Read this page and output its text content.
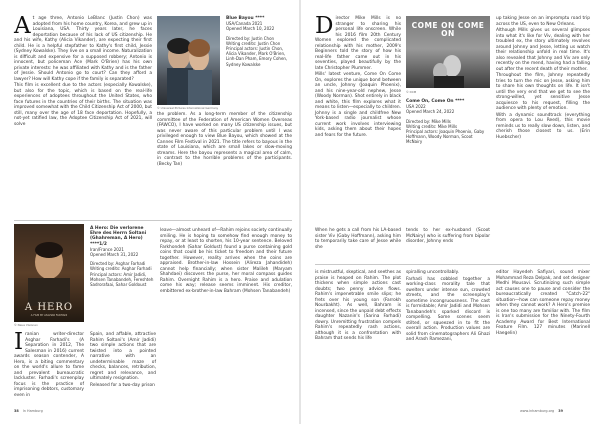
A t age three, Antonio LeBlanc (Justin Chon) was adopted from his home country, Korea, and grew up in Louisiana, USA. Thirty years later, he faces deportation because of his lack of US citizenship. He and his wife, Kathy (Alicia Vikander), are expecting their first child. He is a helpful stepfather to Kathy's first child, Jessie (Sydney Kowalske). They live on a small income. Naturalization is difficult and expensive for a supposed robbery; Antonio is innocent, but policeman Ace (Mark O'Brien) has his own private interests: he was affiliated with Kathy and is the father of Jessie. Should Antonio go to court? Can they afford a lawyer? How will Kathy cope if the family is separated?

This film is excellent due to the actors (especially Kowalske), but also for the topic, which is based on the real-life experiences of adoptees throughout the United States, who face futures in the countries of their births. The situation was improved somewhat with the Child Citizenship Act of 2000, but still, many over the age of 18 face deportation. Hopefully, a not-yet ratified law, the Adoptee Citizenship Act of 2021, will solve

the problem. As a long-term member of the citizenship committee of the Federation of American Women Overseas (FAWCO), I have worked on many US citizenship issues, but was never aware of this particular problem until I was privileged enough to view Blue Bayou, which showed at the Cannes Film Festival in 2021. The title refers to bayous in the state of Louisiana, which are small lakes or slow-moving streams. Here the bayou represents a magical area of calm, in contrast to the horrible problems of the participants. (Becky Tan)

© Universal Pictures International Germany
Blue Bayou ****
USA/Canada 2021
Opened March 10, 2022
Directed by: Justin Chon
Writing credits: Justin Chon
Principal actors: Justin Chon, Alicia Vikander, Mark O'Brien, Linh-Dan Pham, Emory Cohen, Sydney Kowalske
A HERO
A FILM BY ASGHAR FARHADI
© Neue Visionen
A Hero: Die verlorene Ehre des Herrn Soltani (Ghahreman, A Hero) ****1/2
Iran/France 2021
Opened March 31, 2022
Directed by: Asghar Farhadi
Writing credits: Asghar Farhadi
Principal actors: Amir Jadidi, Mohsen Tanabandeh, Fereshteh Sadrorafaai, Sahar Goldoust

leave—almost unheard of—Rahim rejoins society continually smiling. He is hoping to somehow find enough money to repay, or at least to shorten, his 10-year sentence. Beloved Farkhondeh (Sahar Goldust) found a purse containing gold coins that could be his ticket to freedom and their future together. However, reality arrives when the coins are appraised. Brother-in-law Hossein (Alireza Jahandideh) cannot help financially; when sister Malileh (Maryam Shahdaei) discovers the purse, her moral compass guides Rahim. Overnight Rahim is a hero. Praise and adulation come his way; release seems imminent. His creditor, embittered ex-brother-in-law Bahram (Mohsen Tanabandeh)

I ranian writer-director Asghar Farhadi's (A Separation in 2012, The Salesman in 2016) current awards season contender, A Hero, is a biting commentary on the world's allure to fame and prevalent bureaucratic lackluster. Farhadi's screenplay focus is the practice of imprisoning debtors, customary even in

Spain, and affable, attractive Rahim Soltani's (Amir Jadidi) two simple actions that are twisted into a pointed narrative with an undeterminable maze of checks, balances, retribution, regret and relevance, and ultimately resignation.

Released for a two-day prison

38 In Hamburg
D irector Mike Mills is no stranger to sharing his personal life onscreen. While his 2016 film 20th Century Women explored the complicated relationship with his mother, 2009's Beginners told the story of how his real-life father came out in his seventies, played beautifully by the late Christopher Plummer.

Mills' latest venture, Come On Come On, explores the unique bond between an uncle, Johnny (Joaquin Phoenix), and his nine-year-old nephew, Jesse (Woody Norman). Shot entirely in black and white, this film explores what it means to listen—especially to children. Johnny is a single and childfree New York-based radio journalist whose current work involves interviewing kids, asking them about their hopes and fears for the future.

When he gets a call from his LA-based sister Viv (Gaby Hoffmann), asking him to temporarily take care of Jesse while she

tends to her ex-husband (Scoot McNairy) who is suffering from bipolar disorder, Johnny ends

COME ON COME ON
© DCM
Come On, Come On ****
USA 2022
Opened March 24, 2022
Directed by: Mike Mills
Writing credits: Mike Mills
Principal actors: Joaquin Phoenix, Gaby Hoffmann, Woody Norman, Scoot McNairy

up taking Jesse on an impromptu road trip across the US, even to New Orleans.

Although Mills gives us several glimpses into what it's like for Viv, dealing with her troubled ex, the story ultimately revolves around Johnny and Jesse, letting us watch their relationship unfold in real time. It's also revealed that Johnny and Viv are only recently on the mend, having had a falling out after the recent death of their mother.

Throughout the film, Johnny repeatedly tries to turn the mic on Jesse, asking him to share his own thoughts on life. It isn't until the very end that we get to see the strong-willed, yet sensitive Jesse acquiesce to his request, filling the audience with plenty of emotion.

With a dynamic soundtrack (everything from opera to Lou Reed), this movie reminds us to really slow down, listen, and cherish those closest to us. (Erin Huebscher)

is mistrustful, skeptical, and seethes as praise is heaped on Rahim. The plot thickens when simple actions cast doubts; two penny advice flows. Rahim's impenetrable smile slips; he frets over his young son (Farrokh Nourbakht). As well, Bahram is incensed, since the unpaid debt effects daughter Nazanin's (Sarina Farhadi) dowry. Unremitting frustration compels Rahim's repeatedly rash actions, although it is a confrontation with Bahram that sends his life

spiralling uncontrollably.

Farhadi has cobbled together a working-class morality tale that swelters under intense sun, crowded streets, and the screenplay's sometime incongruousness. The cast is formidable; Amir Jadidi and Mohsen Tanabandeh's sparked discord is compelling. Some scenes seem stilted, or squeezed in to fit the overall action. Production values are solid from cinematographers Ali Ghazi and Arash Ramezani,

editor Hayedeh Safiyari, sound mixer Mohammad Reza Delpak, and set designer Medhi Mousavi. Scrutinizing such simple act causes one to pause and consider the bureaucratically created "Catch-22" situation—how can someone repay money when they cannot work? A Hero's premise is one too many are familiar with. The film is Iran's submission for the Ninety-Fourth Academy Award for Best International Feature Film. 127 minutes (Marinell Haegelin)

www.inhamburg.org 39
